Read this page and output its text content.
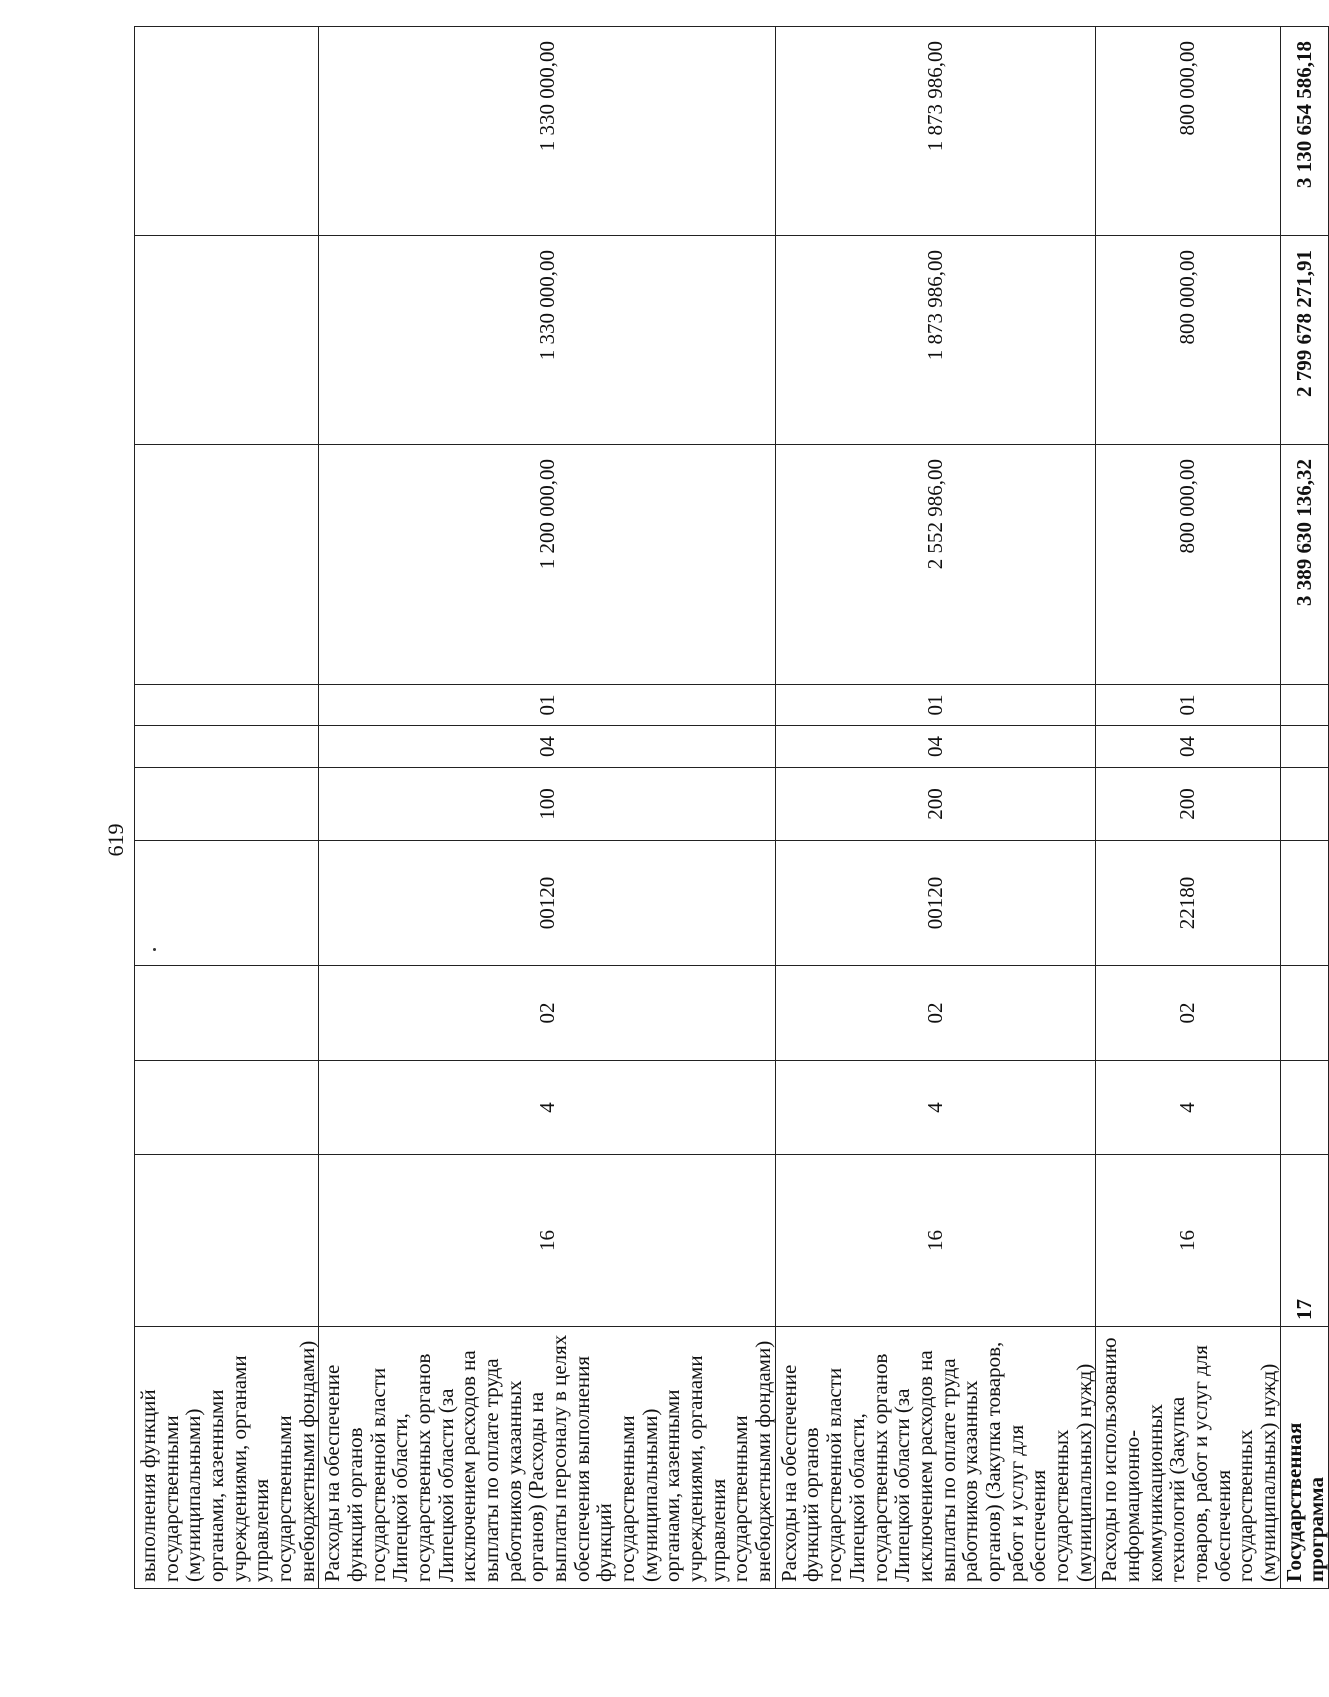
619
выполнения функций государственными (муниципальными) органами, казенными учреждениями, органами управления государственными внебюджетными фондами)										
Расходы на обеспечение функций органов государственной власти Липецкой области, государственных органов Липецкой области (за исключением расходов на выплаты по оплате труда работников указанных органов) (Расходы на выплаты персоналу в целях обеспечения выполнения функций государственными (муниципальными) органами, казенными учреждениями, органами управления государственными внебюджетными фондами)	16	4	02	00120	100	04	01	1 200 000,00	1 330 000,00	1 330 000,00
Расходы на обеспечение функций органов государственной власти Липецкой области, государственных органов Липецкой области (за исключением расходов на выплаты по оплате труда работников указанных органов) (Закупка товаров, работ и услуг для обеспечения государственных (муниципальных) нужд)	16	4	02	00120	200	04	01	2 552 986,00	1 873 986,00	1 873 986,00
Расходы по использованию информационно-коммуникационных технологий (Закупка товаров, работ и услуг для обеспечения государственных (муниципальных) нужд)	16	4	02	22180	200	04	01	800 000,00	800 000,00	800 000,00
Государственная программа	17							3 389 630 136,32	2 799 678 271,91	3 130 654 586,18
